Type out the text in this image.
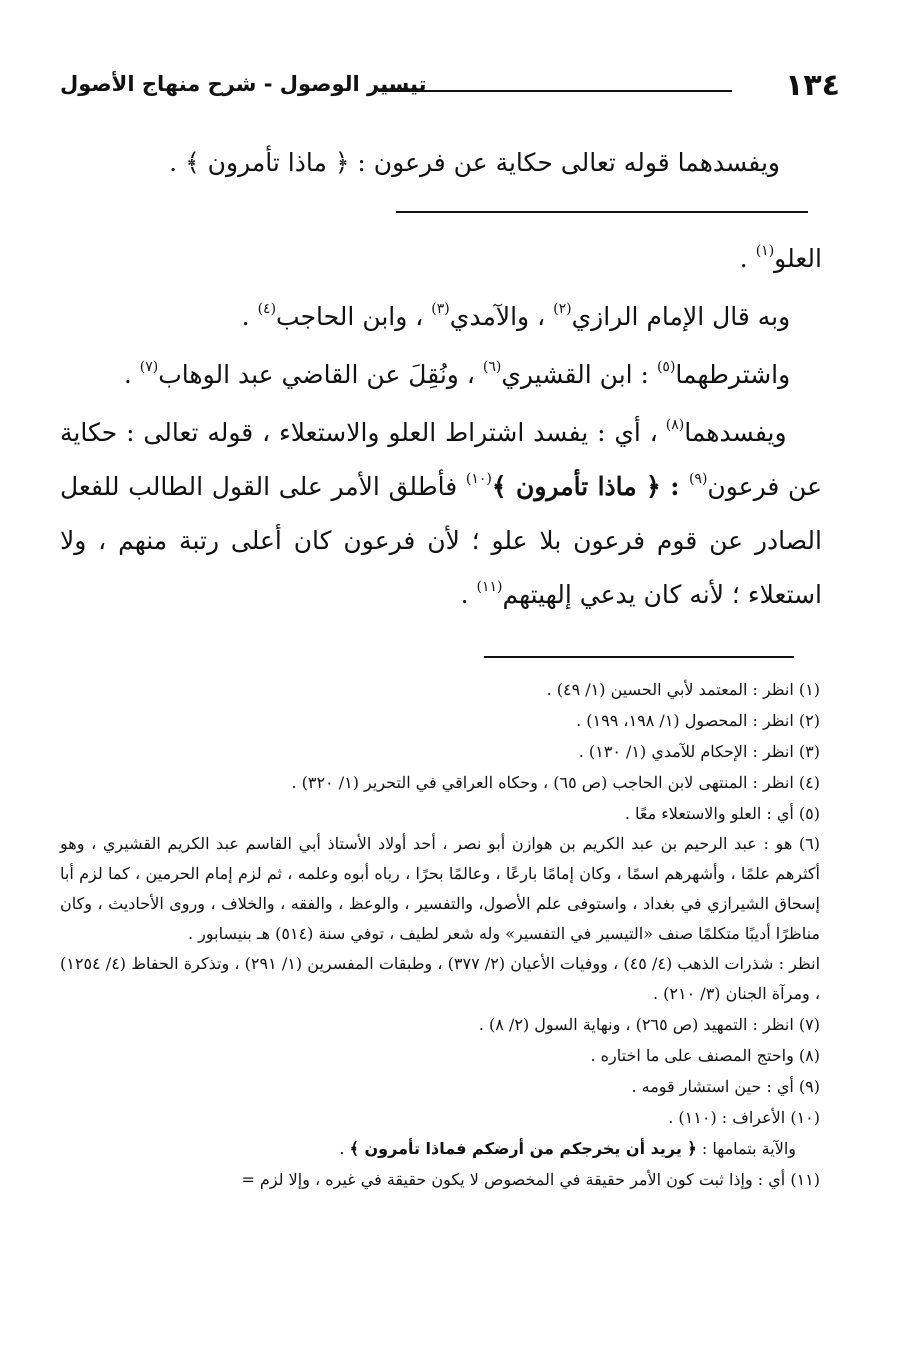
١٣٤
تيسير الوصول - شرح منهاج الأصول
ويفسدهما قوله تعالى حكاية عن فرعون : ﴿ ماذا تأمرون ﴾ .

العلو$^{(١)}$ .

وبه قال الإمام الرازي$^{(٢)}$ ، والآمدي$^{(٣)}$ ، وابن الحاجب$^{(٤)}$ .

واشترطهما$^{(٥)}$ : ابن القشيري$^{(٦)}$ ، ونُقِلَ عن القاضي عبد الوهاب$^{(٧)}$ .

ويفسدهما$^{(٨)}$ ، أي : يفسد اشتراط العلو والاستعلاء ، قوله تعالى : حكاية عن فرعون$^{(٩)}$ : ﴿ ماذا تأمرون ﴾$^{(١٠)}$ فأطلق الأمر على القول الطالب للفعل الصادر عن قوم فرعون بلا علو ؛ لأن فرعون كان أعلى رتبة منهم ، ولا استعلاء ؛ لأنه كان يدعي إلهيتهم$^{(١١)}$ .

(١) انظر : المعتمد لأبي الحسين (١/ ٤٩) .

(٢) انظر : المحصول (١/ ١٩٨، ١٩٩) .

(٣) انظر : الإحكام للآمدي (١/ ١٣٠) .

(٤) انظر : المنتهى لابن الحاجب (ص ٦٥) ، وحكاه العراقي في التحرير (١/ ٣٢٠) .

(٥) أي : العلو والاستعلاء معًا .

(٦) هو : عبد الرحيم بن عبد الكريم بن هوازن أبو نصر ، أحد أولاد الأستاذ أبي القاسم عبد الكريم القشيري ، وهو أكثرهم علمًا ، وأشهرهم اسمًا ، وكان إمامًا بارعًا ، وعالمًا بحرًا ، رباه أبوه وعلمه ، ثم لزم إمام الحرمين ، كما لزم أبا إسحاق الشيرازي في بغداد ، واستوفى علم الأصول، والتفسير ، والوعظ ، والفقه ، والخلاف ، وروى الأحاديث ، وكان مناظرًا أديبًا متكلمًا صنف «التيسير في التفسير» وله شعر لطيف ، توفي سنة (٥١٤) هـ بنيسابور .

انظر : شذرات الذهب (٤/ ٤٥) ، ووفيات الأعيان (٢/ ٣٧٧) ، وطبقات المفسرين (١/ ٢٩١) ، وتذكرة الحفاظ (٤/ ١٢٥٤) ، ومرآة الجنان (٣/ ٢١٠) .

(٧) انظر : التمهيد (ص ٢٦٥) ، ونهاية السول (٢/ ٨) .

(٨) واحتج المصنف على ما اختاره .

(٩) أي : حين استشار قومه .

(١٠) الأعراف : (١١٠) .

والآية بتمامها : ﴿ يريد أن يخرجكم من أرضكم فماذا تأمرون ﴾ .

(١١) أي : وإذا ثبت كون الأمر حقيقة في المخصوص لا يكون حقيقة في غيره ، وإلا لزم =
